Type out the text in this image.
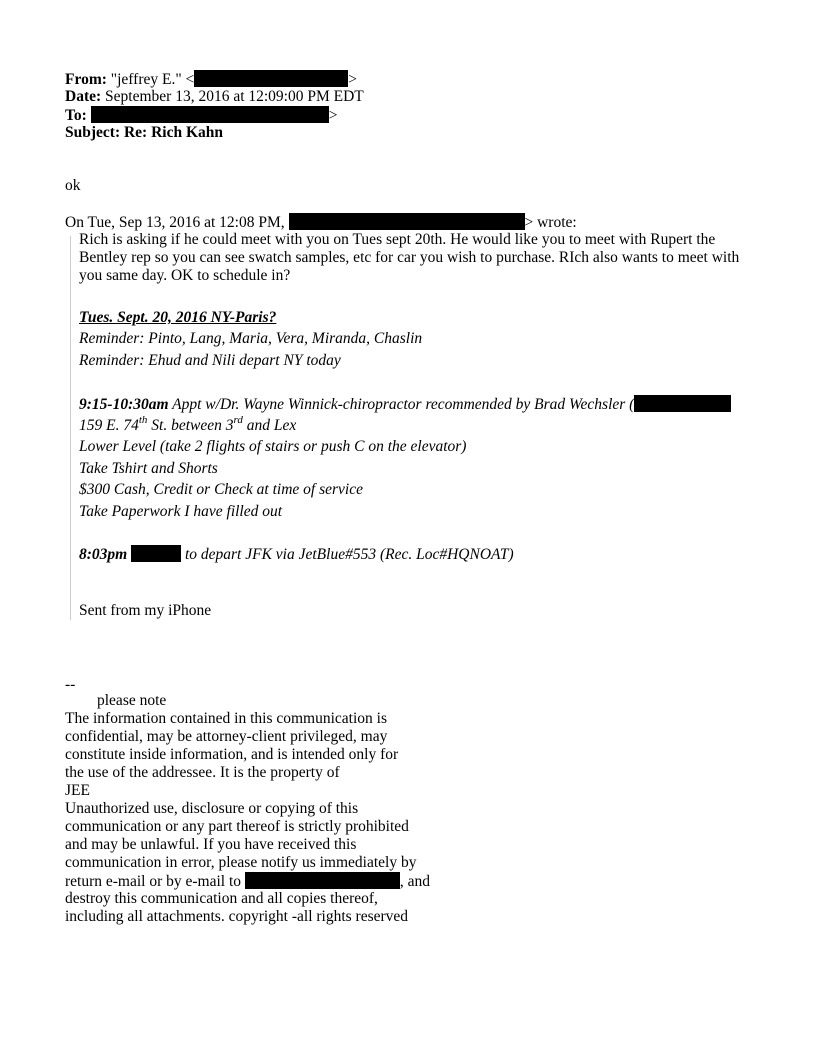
From: "jeffrey E." <	>
Date: September 13, 2016 at 12:09:00 PM EDT
To:	>
Subject: Re: Rich Kahn
ok
On Tue, Sep 13, 2016 at 12:08 PM,	> wrote:
Rich is asking if he could meet with you on Tues sept 20th. He would like you to meet with Rupert the Bentley rep so you can see swatch samples, etc for car you wish to purchase. RIch also wants to meet with you same day. OK to schedule in?
Tues. Sept. 20, 2016 NY-Paris?
Reminder: Pinto, Lang, Maria, Vera, Miranda, Chaslin
Reminder: Ehud and Nili depart NY today
9:15-10:30am Appt w/Dr. Wayne Winnick-chiropractor recommended by Brad Wechsler (
159 E. 74th St. between 3rd and Lex
Lower Level (take 2 flights of stairs or push C on the elevator)
Take Tshirt and Shorts
$300 Cash, Credit or Check at time of service
Take Paperwork I have filled out
8:03pm	to depart JFK via JetBlue#553 (Rec. Loc#HQNOAT)
Sent from my iPhone
--
please note
The information contained in this communication is
confidential, may be attorney-client privileged, may
constitute inside information, and is intended only for
the use of the addressee. It is the property of
JEE
Unauthorized use, disclosure or copying of this
communication or any part thereof is strictly prohibited
and may be unlawful. If you have received this
communication in error, please notify us immediately by
return e-mail or by e-mail to	, and
destroy this communication and all copies thereof,
including all attachments. copyright -all rights reserved
